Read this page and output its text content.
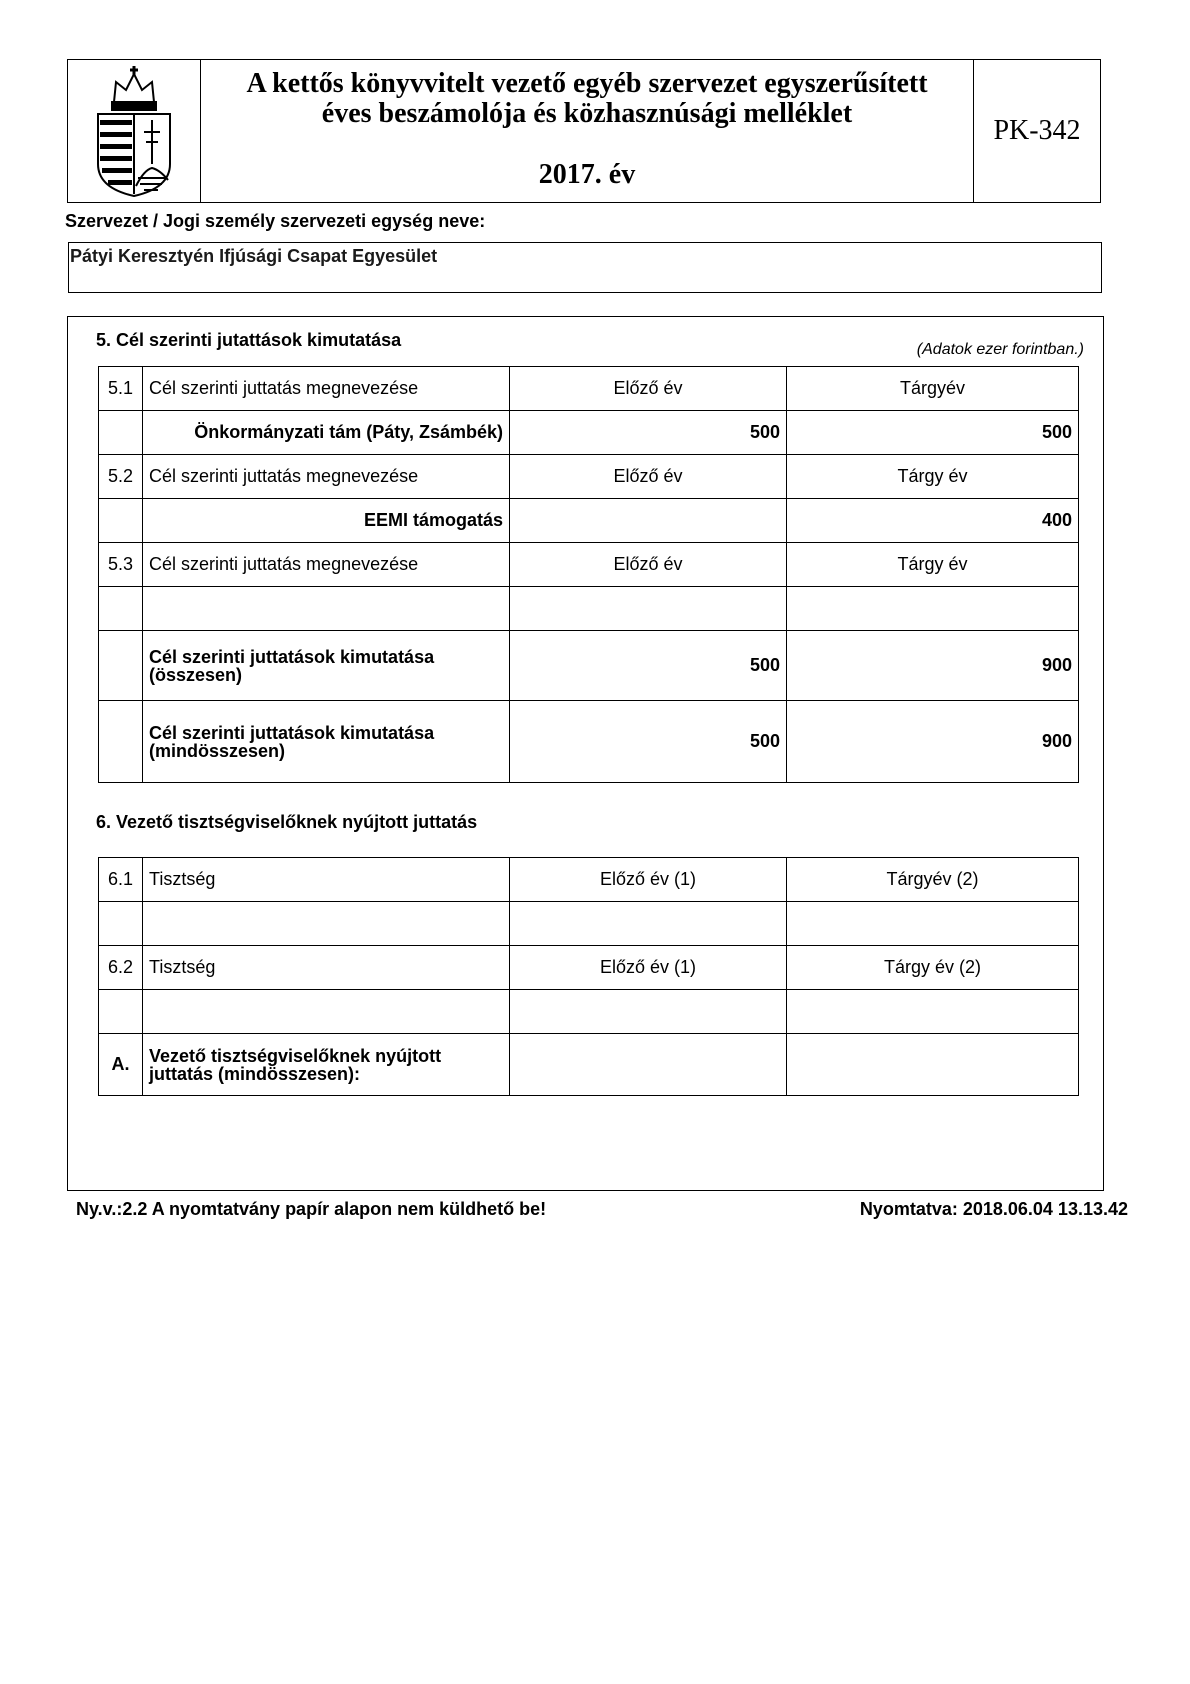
A kettős könyvvitelt vezető egyéb szervezet egyszerűsített
éves beszámolója és közhasznúsági melléklet
2017. év
PK-342
Szervezet / Jogi személy szervezeti egység neve:
Pátyi Keresztyén Ifjúsági Csapat Egyesület
5. Cél szerinti jutattások kimutatása	(Adatok ezer forintban.)
5.1	Cél szerinti juttatás megnevezése	Előző év	Tárgyév
	Önkormányzati tám (Páty, Zsámbék)	500	500
5.2	Cél szerinti juttatás megnevezése	Előző év	Tárgy év
	EEMI támogatás		400
5.3	Cél szerinti juttatás megnevezése	Előző év	Tárgy év

	Cél szerinti juttatások kimutatása
(összesen)	500	900

	Cél szerinti juttatások kimutatása
(mindösszesen)	500	900
6. Vezető tisztségviselőknek nyújtott juttatás
6.1	Tisztség	Előző év (1)	Tárgyév (2)

6.2	Tisztség	Előző év (1)	Tárgy év (2)

A.	Vezető tisztségviselőknek nyújtott
juttatás (mindösszesen):		

Ny.v.:2.2 A nyomtatvány papír alapon nem küldhető be!	Nyomtatva: 2018.06.04 13.13.42
